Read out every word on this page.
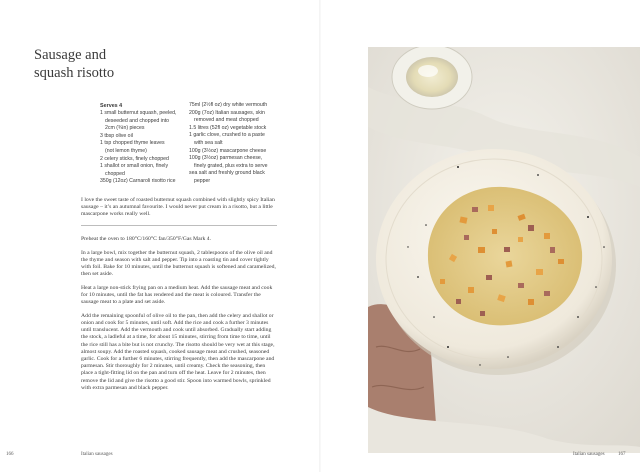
Sausage and
squash risotto
Serves 4
1 small butternut squash, peeled,
deseeded and chopped into
2cm (¾in) pieces
3 tbsp olive oil
1 tsp chopped thyme leaves
(not lemon thyme)
2 celery sticks, finely chopped
1 shallot or small onion, finely
chopped
350g (12oz) Carnaroli risotto rice
75ml (2½fl oz) dry white vermouth
200g (7oz) Italian sausages, skin
removed and meat chopped
1.5 litres (52fl oz) vegetable stock
1 garlic clove, crushed to a paste
with sea salt
100g (3½oz) mascarpone cheese
100g (3½oz) parmesan cheese,
finely grated, plus extra to serve
sea salt and freshly ground black
pepper

I love the sweet taste of roasted butternut squash combined with slightly spicy Italian sausage – it’s an autumnal favourite. I would never put cream in a risotto, but a little mascarpone works really well.

Preheat the oven to 180°C/160°C fan/350°F/Gas Mark 4.

In a large bowl, mix together the butternut squash, 2 tablespoons of the olive oil and the thyme and season with salt and pepper. Tip into a roasting tin and cover tightly with foil. Bake for 10 minutes, until the butternut squash is softened and caramelized, then set aside.

Heat a large non-stick frying pan on a medium heat. Add the sausage meat and cook for 10 minutes, until the fat has rendered and the meat is coloured. Transfer the sausage meat to a plate and set aside.

Add the remaining spoonful of olive oil to the pan, then add the celery and shallot or onion and cook for 5 minutes, until soft. Add the rice and cook a further 3 minutes until translucent. Add the vermouth and cook until absorbed. Gradually start adding the stock, a ladleful at a time, for about 15 minutes, stirring from time to time, until the rice still has a bite but is not crunchy. The risotto should be very wet at this stage, almost soupy. Add the roasted squash, cooked sausage meat and crushed, seasoned garlic. Cook for a further 6 minutes, stirring frequently, then add the mascarpone and parmesan. Stir thoroughly for 2 minutes, until creamy. Check the seasoning, then place a tight-fitting lid on the pan and turn off the heat. Leave for 2 minutes, then remove the lid and give the risotto a good stir. Spoon into warmed bowls, sprinkled with extra parmesan and black pepper.

166	Italian sausages	Italian sausages	167
